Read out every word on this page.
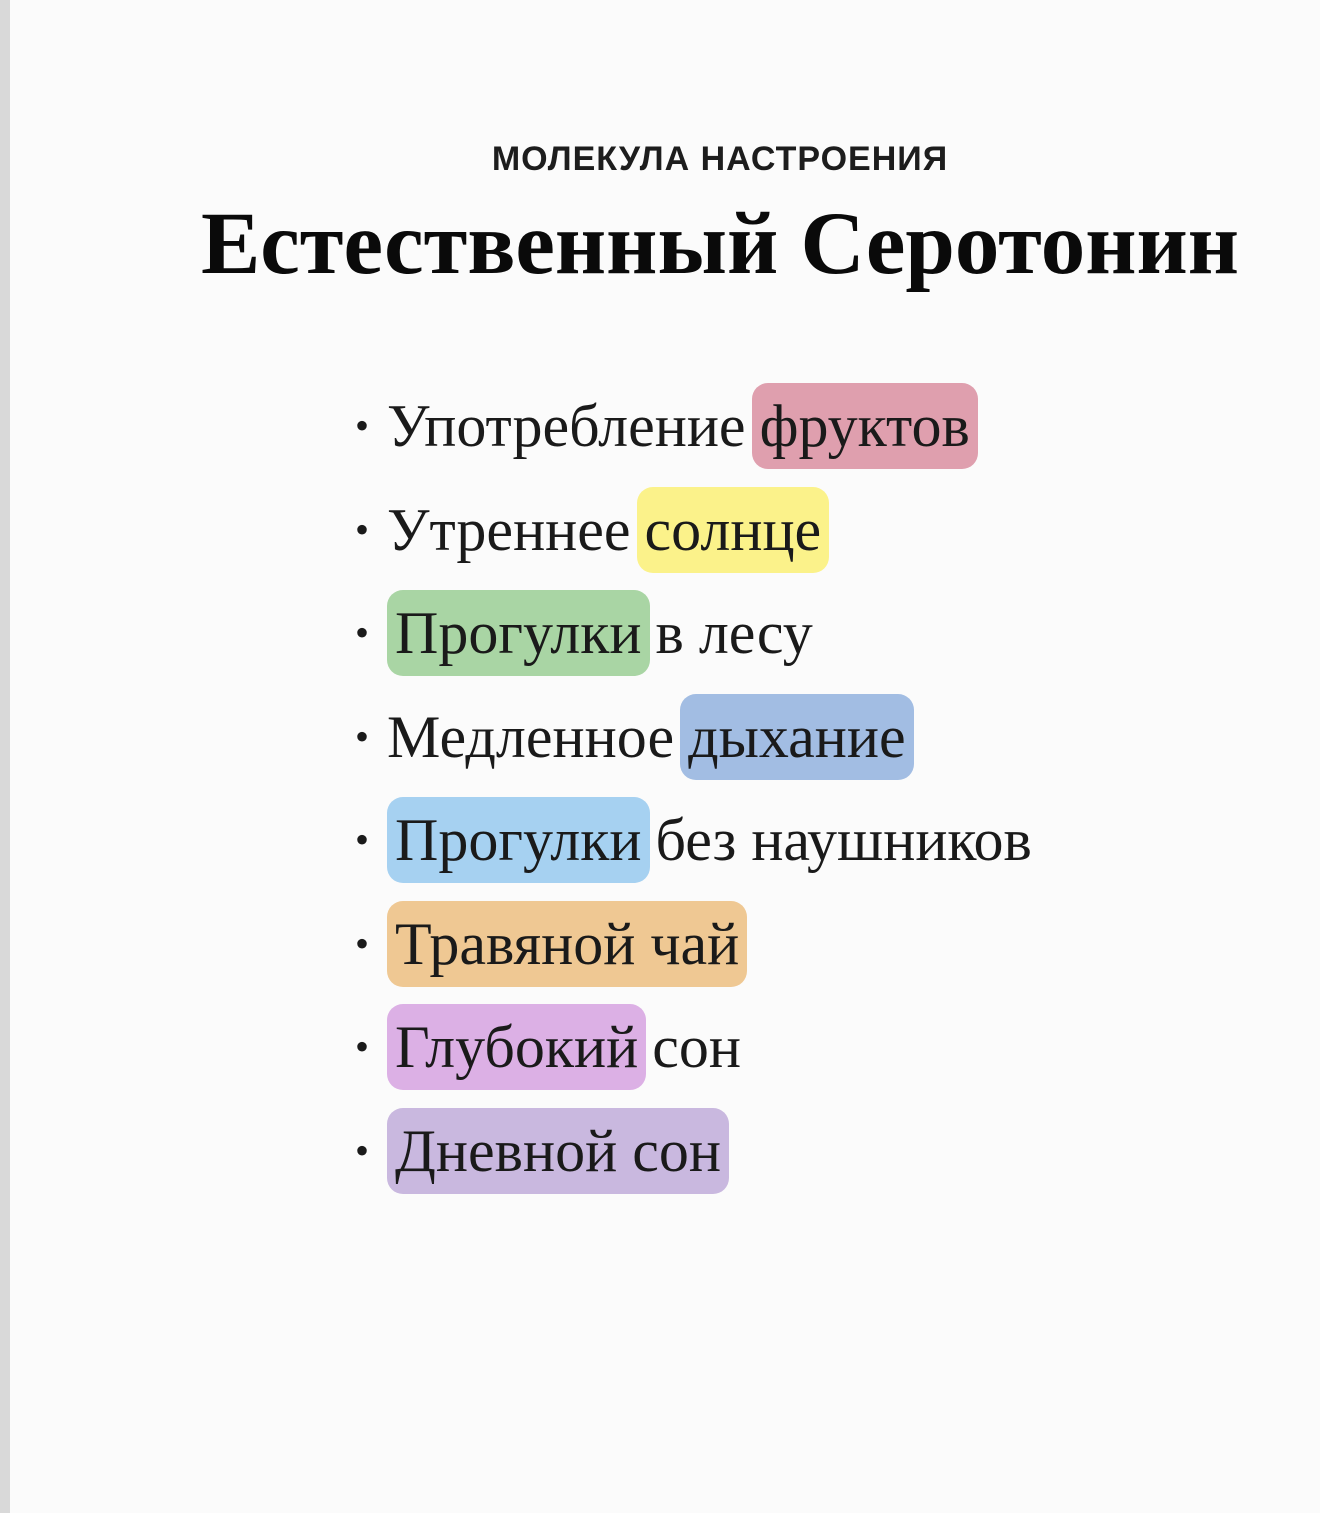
МОЛЕКУЛА НАСТРОЕНИЯ
Естественный Серотонин
• Употребление фруктов
• Утреннее солнце
• Прогулки в лесу
• Медленное дыхание
• Прогулки без наушников
• Травяной чай
• Глубокий сон
• Дневной сон
